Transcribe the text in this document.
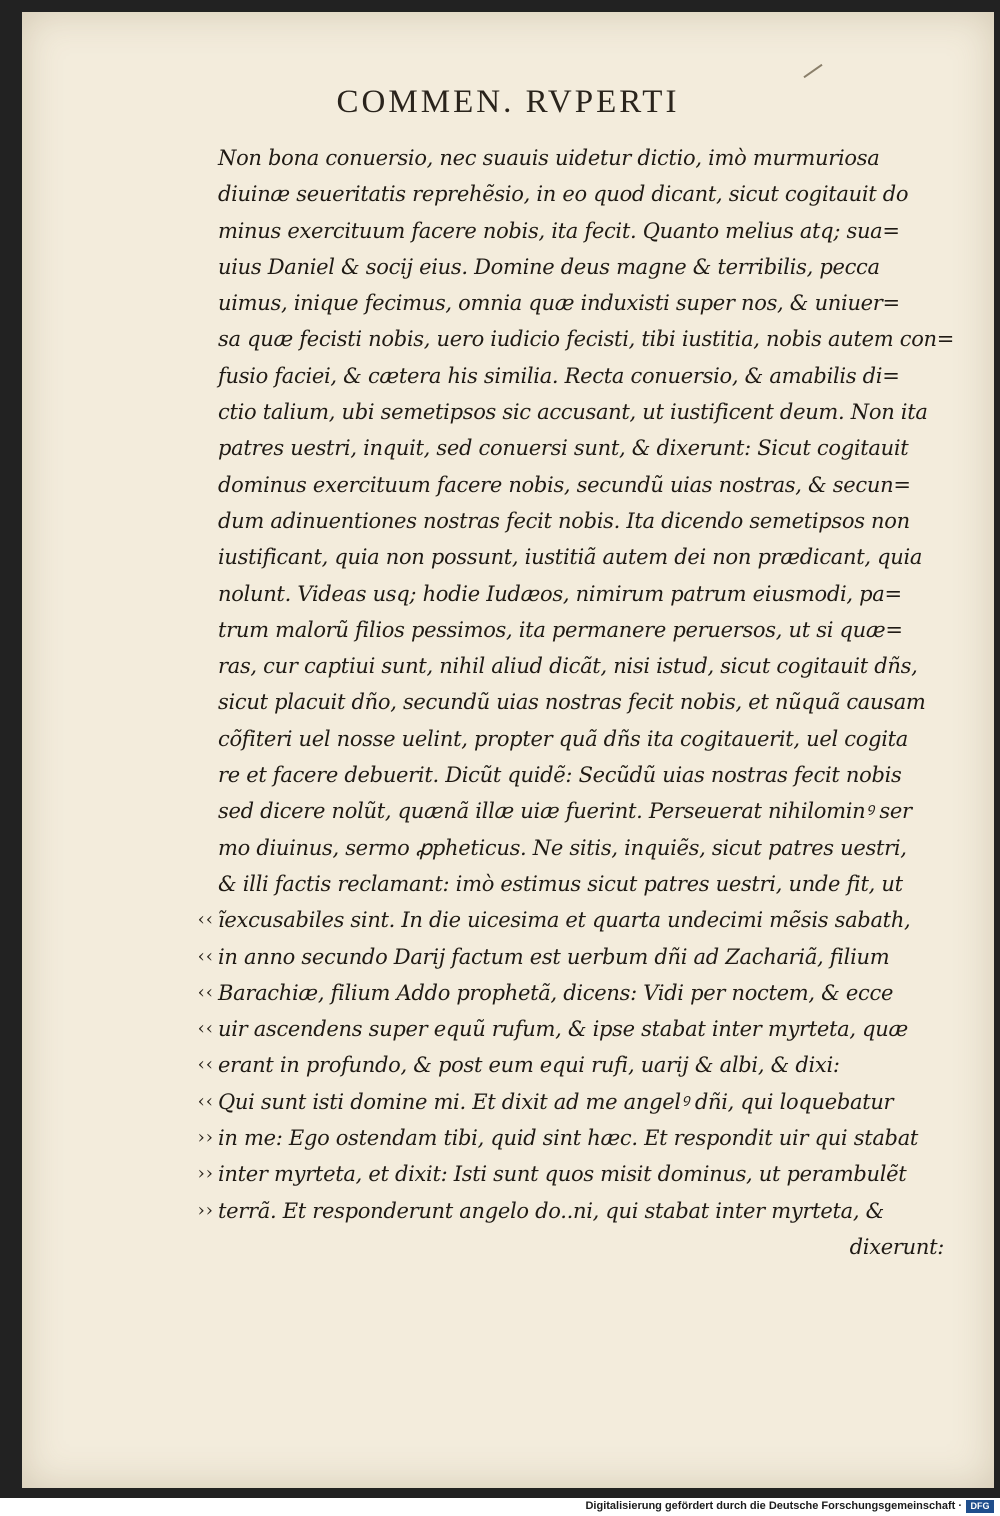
COMMEN. RVPERTI
Non bona conuersio, nec suauis uidetur dictio, imò murmuriosa
diuinæ seueritatis reprehẽsio, in eo quod dicant, sicut cogitauit do
minus exercituum facere nobis, ita fecit. Quanto melius atq; sua=
uius Daniel & socij eius. Domine deus magne & terribilis, pecca
uimus, inique fecimus, omnia quæ induxisti super nos, & uniuer=
sa quæ fecisti nobis, uero iudicio fecisti, tibi iustitia, nobis autem con=
fusio faciei, & cætera his similia. Recta conuersio, & amabilis di=
ctio talium, ubi semetipsos sic accusant, ut iustificent deum. Non ita
patres uestri, inquit, sed conuersi sunt, & dixerunt: Sicut cogitauit
dominus exercituum facere nobis, secundũ uias nostras, & secun=
dum adinuentiones nostras fecit nobis. Ita dicendo semetipsos non
iustificant, quia non possunt, iustitiã autem dei non prædicant, quia
nolunt. Videas usq; hodie Iudæos, nimirum patrum eiusmodi, pa=
trum malorũ filios pessimos, ita permanere peruersos, ut si quæ=
ras, cur captiui sunt, nihil aliud dicãt, nisi istud, sicut cogitauit dñs,
sicut placuit dño, secundũ uias nostras fecit nobis, et nũquã causam
cõfiteri uel nosse uelint, propter quã dñs ita cogitauerit, uel cogita
re et facere debuerit. Dicũt quidẽ: Secũdũ uias nostras fecit nobis
sed dicere nolũt, quænã illæ uiæ fuerint. Perseuerat nihilominꝰ ser
mo diuinus, sermo ꝓpheticus. Ne sitis, inquiẽs, sicut patres uestri,
& illi factis reclamant: imò estimus sicut patres uestri, unde fit, ut
‹‹ ĩexcusabiles sint. In die uicesima et quarta undecimi mẽsis sabath,
‹‹ in anno secundo Darij factum est uerbum dñi ad Zachariã, filium
‹‹ Barachiæ, filium Addo prophetã, dicens: Vidi per noctem, & ecce
‹‹ uir ascendens super equũ rufum, & ipse stabat inter myrteta, quæ
‹‹ erant in profundo, & post eum equi rufi, uarij & albi, & dixi:
‹‹ Qui sunt isti domine mi. Et dixit ad me angelꝰ dñi, qui loquebatur
›› in me: Ego ostendam tibi, quid sint hæc. Et respondit uir qui stabat
›› inter myrteta, et dixit: Isti sunt quos misit dominus, ut perambulẽt
›› terrã. Et responderunt angelo do..ni, qui stabat inter myrteta, &
dixerunt:
Digitalisierung gefördert durch die Deutsche Forschungsgemeinschaft · DFG
